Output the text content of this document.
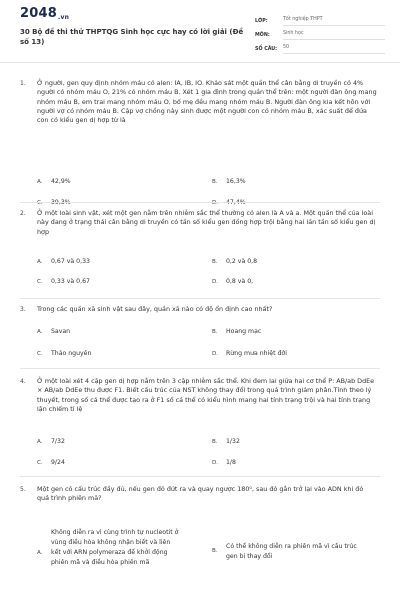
2048.vn
30 Bộ đề thi thử THPTQG Sinh học cực hay có lời giải (Đề số 13)
LỚP:	Tốt nghiệp THPT
MÔN:	Sinh học
SỐ CÂU:	50
1. Ở người, gen quy định nhóm máu có alen: IA, IB, IO. Khảo sát một quần thể cân bằng di truyền có 4% người có nhóm máu O, 21% có nhóm máu B. Xét 1 gia đình trong quần thể trên: một người đàn ông mang nhóm máu B, em trai mang nhóm máu O, bố mẹ đều mang nhóm máu B. Người đàn ông kia kết hôn với người vợ có nhóm máu B. Cặp vợ chồng này sinh được một người con có nhóm máu B, xác suất để đứa con có kiểu gen dị hợp từ là
A. 42,9%	B. 16,3%
C. 39,3%	D. 47,4%
2. Ở một loài sinh vật, xét một gen nằm trên nhiễm sắc thể thường có alen là A và a. Một quần thể của loài này đang ở trạng thái cân bằng di truyền có tần số kiểu gen đồng hợp trội bằng hai lần tần số kiểu gen dị hợp
A. 0,67 và 0,33	B. 0,2 và 0,8
C. 0,33 và 0,67	D. 0,8 và 0,
3. Trong các quần xã sinh vật sau đây, quần xã nào có độ ổn định cao nhất?
A. Savan	B. Hoang mạc
C. Thảo nguyên	D. Rừng mưa nhiệt đới
4. Ở một loài xét 4 cặp gen dị hợp nằm trên 3 cặp nhiễm sắc thể. Khi đem lai giữa hai cơ thể P: AB/ab DdEe × AB/ab DdEe thu được F1. Biết cấu trúc của NST không thay đổi trong quá trình giảm phân.Tính theo lý thuyết, trong số cá thể được tạo ra ở F1 số cá thể có kiểu hình mang hai tính trạng trội và hai tính trạng lặn chiếm tỉ lệ
A. 7/32	B. 1/32
C. 9/24	D. 1/8
5. Một gen có cấu trúc đầy đủ, nếu gen đó đứt ra và quay ngược 180⁰, sau đó gắn trở lại vào ADN khi đó quá trình phiên mã?
A.
Không diễn ra vì cùng trình tự nucleotit ở vùng điều hòa không nhận biết và liên kết với ARN polymeraza để khởi động phiên mã và điều hòa phiên mã
B.
Có thể không diễn ra phiên mã vì cấu trúc gen bị thay đổi
